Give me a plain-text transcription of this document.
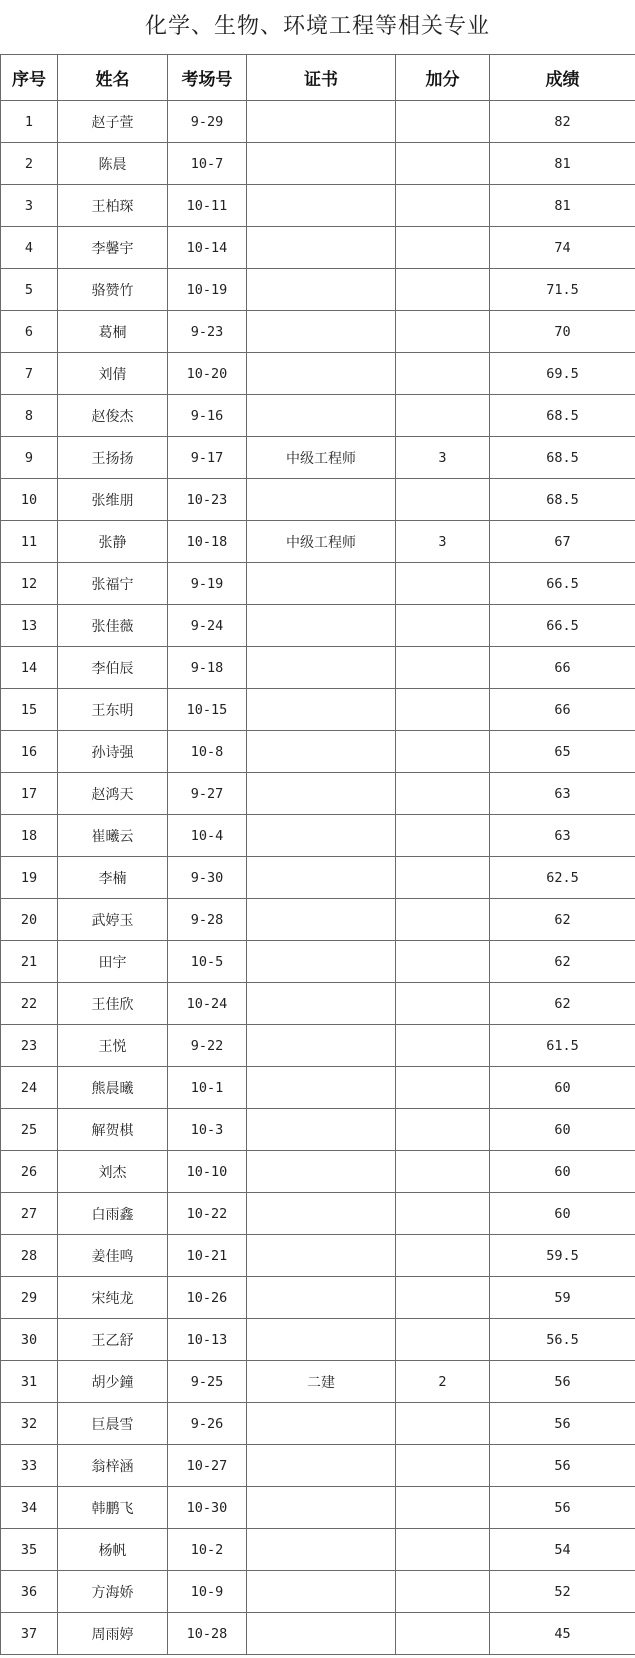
化学、生物、环境工程等相关专业
序号	姓名	考场号	证书	加分	成绩
1	赵子萱	9-29			82
2	陈晨	10-7			81
3	王柏琛	10-11			81
4	李馨宇	10-14			74
5	骆赞竹	10-19			71.5
6	葛桐	9-23			70
7	刘倩	10-20			69.5
8	赵俊杰	9-16			68.5
9	王扬扬	9-17	中级工程师	3	68.5
10	张维朋	10-23			68.5
11	张静	10-18	中级工程师	3	67
12	张福宁	9-19			66.5
13	张佳薇	9-24			66.5
14	李伯辰	9-18			66
15	王东明	10-15			66
16	孙诗强	10-8			65
17	赵鸿天	9-27			63
18	崔曦云	10-4			63
19	李楠	9-30			62.5
20	武婷玉	9-28			62
21	田宇	10-5			62
22	王佳欣	10-24			62
23	王悦	9-22			61.5
24	熊晨曦	10-1			60
25	解贺棋	10-3			60
26	刘杰	10-10			60
27	白雨鑫	10-22			60
28	姜佳鸣	10-21			59.5
29	宋纯龙	10-26			59
30	王乙舒	10-13			56.5
31	胡少鐘	9-25	二建	2	56
32	巨晨雪	9-26			56
33	翁梓涵	10-27			56
34	韩鹏飞	10-30			56
35	杨帆	10-2			54
36	方海娇	10-9			52
37	周雨婷	10-28			45
